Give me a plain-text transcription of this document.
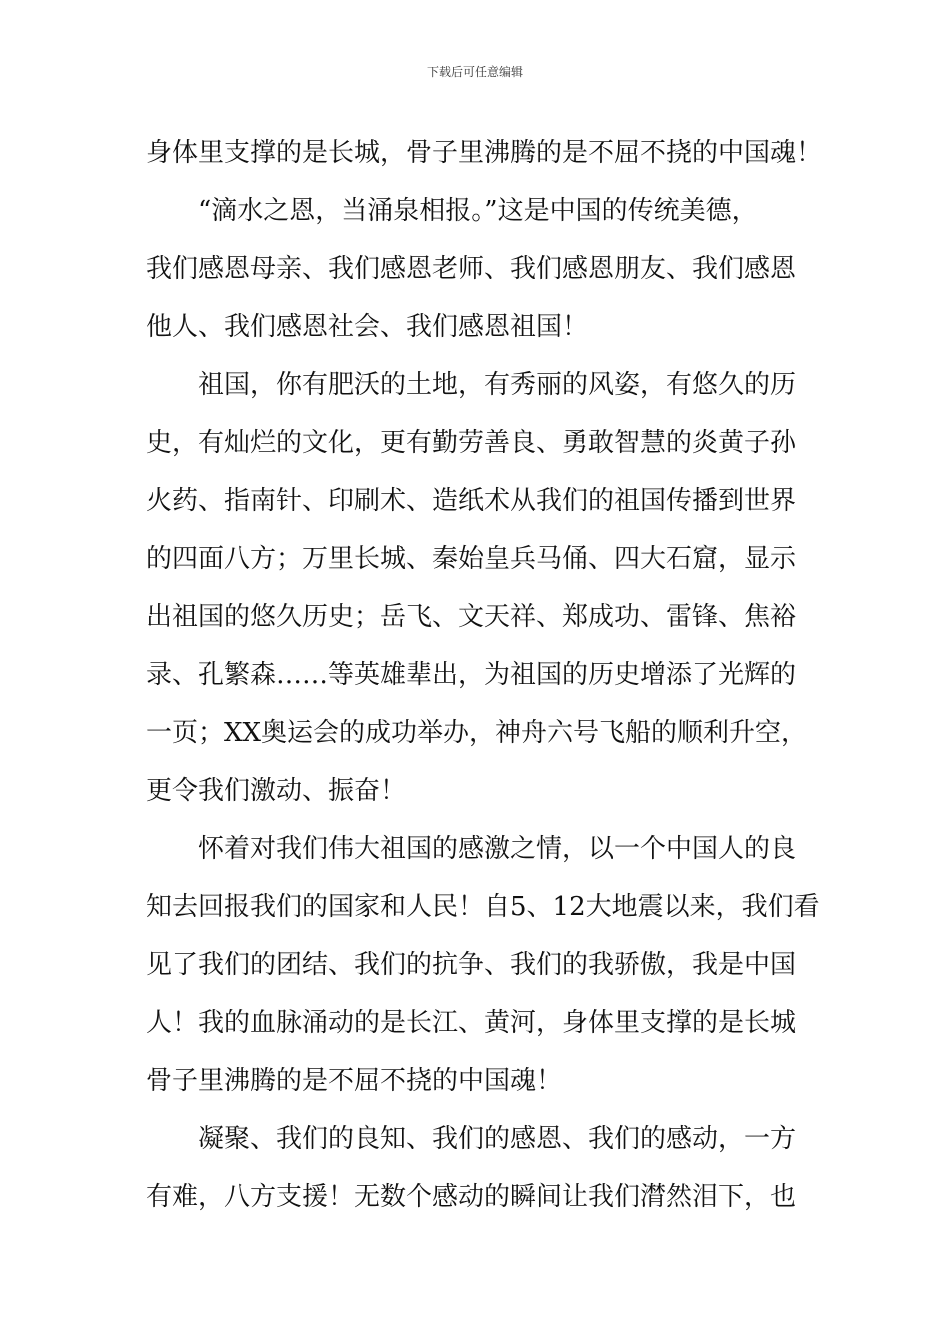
下载后可任意编辑
身体里支撑的是长城，骨子里沸腾的是不屈不挠的中国魂！
“滴水之恩，当涌泉相报。”这是中国的传统美德，
我们感恩母亲、我们感恩老师、我们感恩朋友、我们感恩
他人、我们感恩社会、我们感恩祖国！
祖国，你有肥沃的土地，有秀丽的风姿，有悠久的历
史，有灿烂的文化，更有勤劳善良、勇敢智慧的炎黄子孙
火药、指南针、印刷术、造纸术从我们的祖国传播到世界
的四面八方；万里长城、秦始皇兵马俑、四大石窟，显示
出祖国的悠久历史；岳飞、文天祥、郑成功、雷锋、焦裕
录、孔繁森……等英雄辈出，为祖国的历史增添了光辉的
一页；XX奥运会的成功举办，神舟六号飞船的顺利升空，
更令我们激动、振奋！
怀着对我们伟大祖国的感激之情，以一个中国人的良
知去回报我们的国家和人民！自5、12大地震以来，我们看
见了我们的团结、我们的抗争、我们的我骄傲，我是中国
人！我的血脉涌动的是长江、黄河，身体里支撑的是长城
骨子里沸腾的是不屈不挠的中国魂！
凝聚、我们的良知、我们的感恩、我们的感动，一方
有难，八方支援！无数个感动的瞬间让我们潸然泪下，也
